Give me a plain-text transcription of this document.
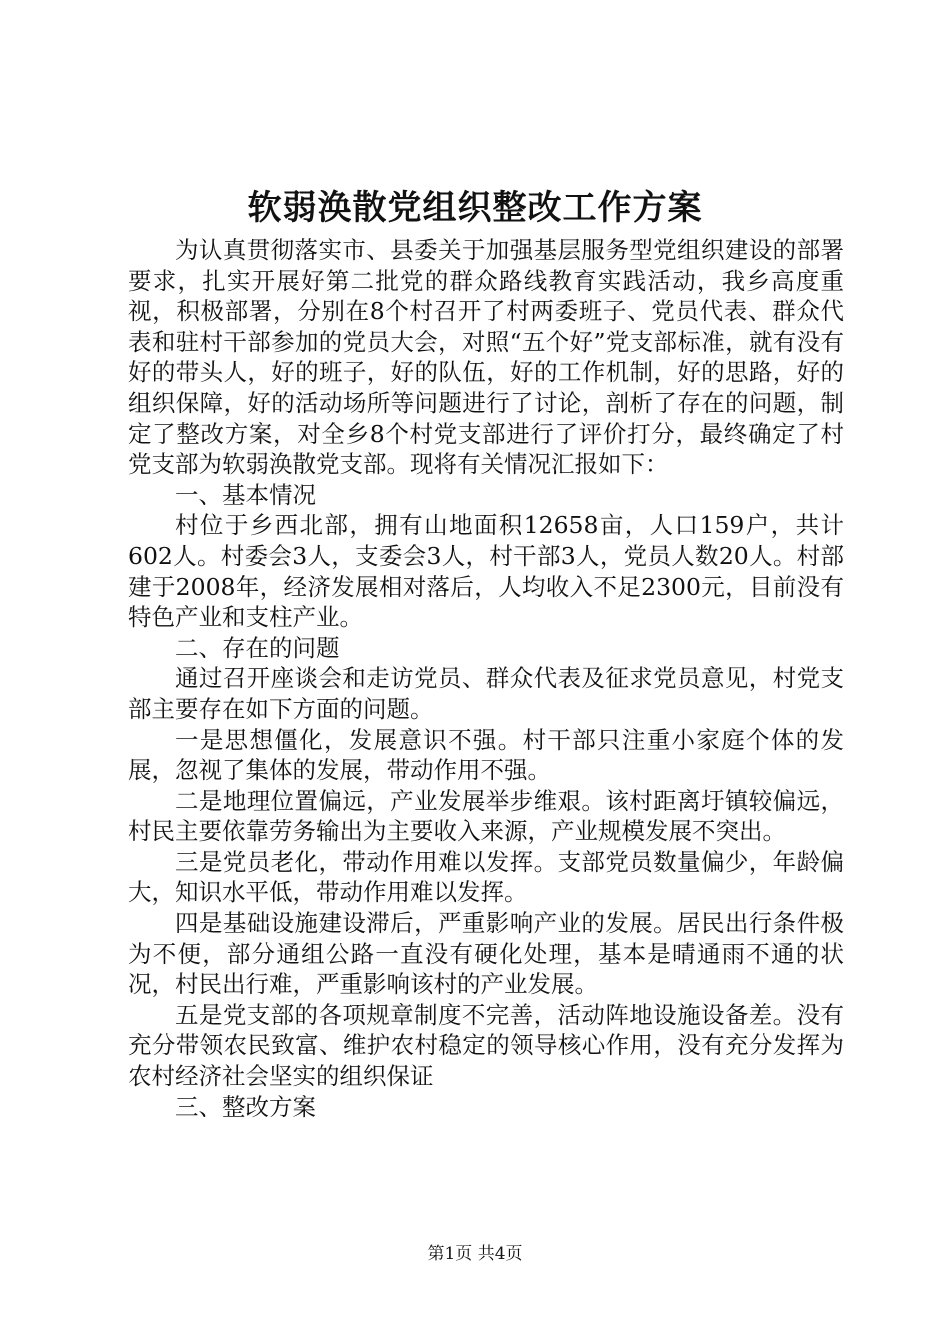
软弱涣散党组织整改工作方案

为认真贯彻落实市、县委关于加强基层服务型党组织建设的部署要求，扎实开展好第二批党的群众路线教育实践活动，我乡高度重视，积极部署，分别在8个村召开了村两委班子、党员代表、群众代表和驻村干部参加的党员大会，对照“五个好”党支部标准，就有没有好的带头人，好的班子，好的队伍，好的工作机制，好的思路，好的组织保障，好的活动场所等问题进行了讨论，剖析了存在的问题，制定了整改方案，对全乡8个村党支部进行了评价打分，最终确定了村党支部为软弱涣散党支部。现将有关情况汇报如下：

一、基本情况

村位于乡西北部，拥有山地面积12658亩，人口159户，共计602人。村委会3人，支委会3人，村干部3人，党员人数20人。村部建于2008年，经济发展相对落后，人均收入不足2300元，目前没有特色产业和支柱产业。

二、存在的问题

通过召开座谈会和走访党员、群众代表及征求党员意见，村党支部主要存在如下方面的问题。

一是思想僵化，发展意识不强。村干部只注重小家庭个体的发展，忽视了集体的发展，带动作用不强。

二是地理位置偏远，产业发展举步维艰。该村距离圩镇较偏远，村民主要依靠劳务输出为主要收入来源，产业规模发展不突出。

三是党员老化，带动作用难以发挥。支部党员数量偏少，年龄偏大，知识水平低，带动作用难以发挥。

四是基础设施建设滞后，严重影响产业的发展。居民出行条件极为不便，部分通组公路一直没有硬化处理，基本是晴通雨不通的状况，村民出行难，严重影响该村的产业发展。

五是党支部的各项规章制度不完善，活动阵地设施设备差。没有充分带领农民致富、维护农村稳定的领导核心作用，没有充分发挥为农村经济社会坚实的组织保证

三、整改方案

第1页 共4页
